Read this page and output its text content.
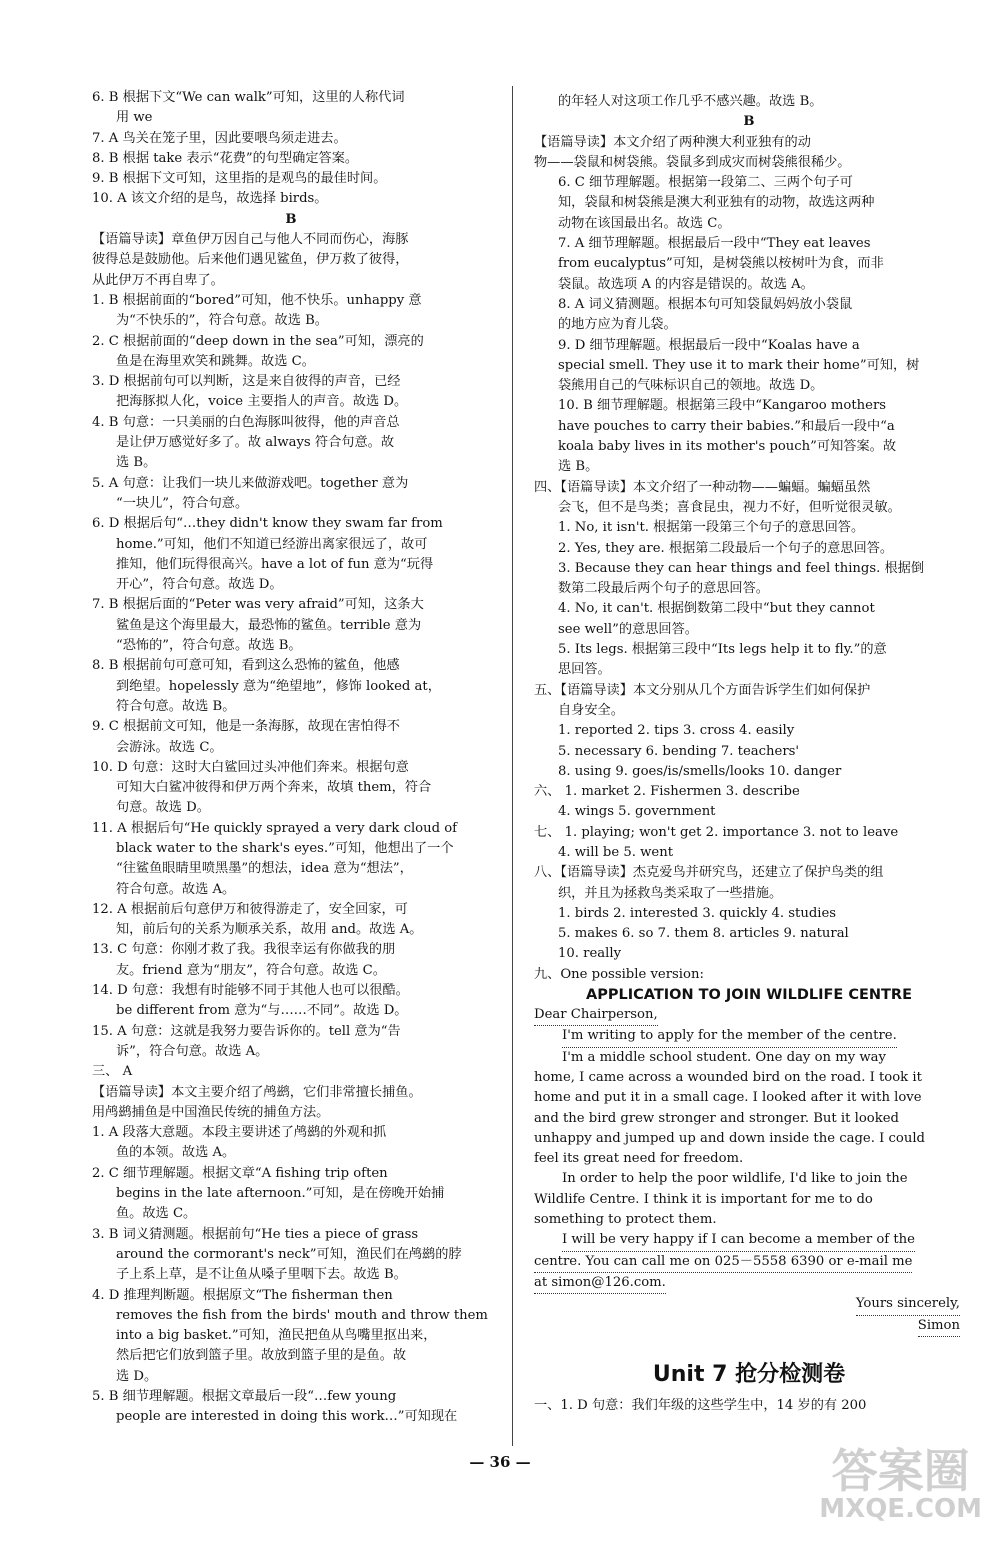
6. B 根据下文“We can walk”可知，这里的人称代词
用 we
7. A 鸟关在笼子里，因此要喂鸟须走进去。
8. B 根据 take 表示“花费”的句型确定答案。
9. B 根据下文可知，这里指的是观鸟的最佳时间。
10. A 该文介绍的是鸟，故选择 birds。
B
【语篇导读】章鱼伊万因自己与他人不同而伤心，海豚
彼得总是鼓励他。后来他们遇见鲨鱼，伊万救了彼得，
从此伊万不再自卑了。
1. B 根据前面的“bored”可知，他不快乐。unhappy 意
为“不快乐的”，符合句意。故选 B。
2. C 根据前面的“deep down in the sea”可知，漂亮的
鱼是在海里欢笑和跳舞。故选 C。
3. D 根据前句可以判断，这是来自彼得的声音，已经
把海豚拟人化，voice 主要指人的声音。故选 D。
4. B 句意：一只美丽的白色海豚叫彼得，他的声音总
是让伊万感觉好多了。故 always 符合句意。故
选 B。
5. A 句意：让我们一块儿来做游戏吧。together 意为
“一块儿”，符合句意。
6. D 根据后句“…they didn't know they swam far from
home.”可知，他们不知道已经游出离家很远了，故可
推知，他们玩得很高兴。have a lot of fun 意为“玩得
开心”，符合句意。故选 D。
7. B 根据后面的“Peter was very afraid”可知，这条大
鲨鱼是这个海里最大，最恐怖的鲨鱼。terrible 意为
“恐怖的”，符合句意。故选 B。
8. B 根据前句可意可知，看到这么恐怖的鲨鱼，他感
到绝望。hopelessly 意为“绝望地”，修饰 looked at，
符合句意。故选 B。
9. C 根据前文可知，他是一条海豚，故现在害怕得不
会游泳。故选 C。
10. D 句意：这时大白鲨回过头冲他们奔来。根据句意
可知大白鲨冲彼得和伊万两个奔来，故填 them，符合
句意。故选 D。
11. A 根据后句“He quickly sprayed a very dark cloud of
black water to the shark's eyes.”可知，他想出了一个
“往鲨鱼眼睛里喷黑墨”的想法，idea 意为“想法”，
符合句意。故选 A。
12. A 根据前后句意伊万和彼得游走了，安全回家，可
知，前后句的关系为顺承关系，故用 and。故选 A。
13. C 句意：你刚才救了我。我很幸运有你做我的朋
友。friend 意为“朋友”，符合句意。故选 C。
14. D 句意：我想有时能够不同于其他人也可以很酷。
be different from 意为“与……不同”。故选 D。
15. A 句意：这就是我努力要告诉你的。tell 意为“告
诉”，符合句意。故选 A。
三、 A
【语篇导读】本文主要介绍了鸬鹚，它们非常擅长捕鱼。
用鸬鹚捕鱼是中国渔民传统的捕鱼方法。
1. A 段落大意题。本段主要讲述了鸬鹚的外观和抓
鱼的本领。故选 A。
2. C 细节理解题。根据文章“A fishing trip often
begins in the late afternoon.”可知，是在傍晚开始捕
鱼。故选 C。
3. B 词义猜测题。根据前句“He ties a piece of grass
around the cormorant's neck”可知，渔民们在鸬鹚的脖
子上系上草，是不让鱼从嗓子里咽下去。故选 B。
4. D 推理判断题。根据原文“The fisherman then
removes the fish from the birds' mouth and throw them
into a big basket.”可知，渔民把鱼从鸟嘴里抠出来，
然后把它们放到篮子里。故放到篮子里的是鱼。故
选 D。
5. B 细节理解题。根据文章最后一段“…few young
people are interested in doing this work…”可知现在
的年轻人对这项工作几乎不感兴趣。故选 B。
B
【语篇导读】本文介绍了两种澳大利亚独有的动
物——袋鼠和树袋熊。袋鼠多到成灾而树袋熊很稀少。
6. C 细节理解题。根据第一段第二、三两个句子可
知，袋鼠和树袋熊是澳大利亚独有的动物，故选这两种
动物在该国最出名。故选 C。
7. A 细节理解题。根据最后一段中“They eat leaves
from eucalyptus”可知，是树袋熊以桉树叶为食，而非
袋鼠。故选项 A 的内容是错误的。故选 A。
8. A 词义猜测题。根据本句可知袋鼠妈妈放小袋鼠
的地方应为育儿袋。
9. D 细节理解题。根据最后一段中“Koalas have a
special smell. They use it to mark their home”可知，树
袋熊用自己的气味标识自己的领地。故选 D。
10. B 细节理解题。根据第三段中“Kangaroo mothers
have pouches to carry their babies.”和最后一段中“a
koala baby lives in its mother's pouch”可知答案。故
选 B。
四、【语篇导读】本文介绍了一种动物——蝙蝠。蝙蝠虽然
会飞，但不是鸟类；喜食昆虫，视力不好，但听觉很灵敏。
1. No, it isn't. 根据第一段第三个句子的意思回答。
2. Yes, they are. 根据第二段最后一个句子的意思回答。
3. Because they can hear things and feel things. 根据倒
数第二段最后两个句子的意思回答。
4. No, it can't. 根据倒数第二段中“but they cannot
see well”的意思回答。
5. Its legs. 根据第三段中“Its legs help it to fly.”的意
思回答。
五、【语篇导读】本文分别从几个方面告诉学生们如何保护
自身安全。
1. reported 2. tips 3. cross 4. easily
5. necessary 6. bending 7. teachers'
8. using 9. goes/is/smells/looks 10. danger
六、 1. market 2. Fishermen 3. describe
4. wings 5. government
七、 1. playing; won't get 2. importance 3. not to leave
4. will be 5. went
八、【语篇导读】杰克爱鸟并研究鸟，还建立了保护鸟类的组
织，并且为拯救鸟类采取了一些措施。
1. birds 2. interested 3. quickly 4. studies
5. makes 6. so 7. them 8. articles 9. natural
10. really
九、One possible version:
APPLICATION TO JOIN WILDLIFE CENTRE
Dear Chairperson,
I'm writing to apply for the member of the centre.
I'm a middle school student. One day on my way
home, I came across a wounded bird on the road. I took it
home and put it in a small cage. I looked after it with love
and the bird grew stronger and stronger. But it looked
unhappy and jumped up and down inside the cage. I could
feel its great need for freedom.
In order to help the poor wildlife, I'd like to join the
Wildlife Centre. I think it is important for me to do
something to protect them.
I will be very happy if I can become a member of the
centre. You can call me on 025－5558 6390 or e-mail me
at simon@126.com.
Yours sincerely,
Simon
Unit 7 抢分检测卷
一、1. D 句意：我们年级的这些学生中，14 岁的有 200
— 36 —	答案圈
MXQE.COM
